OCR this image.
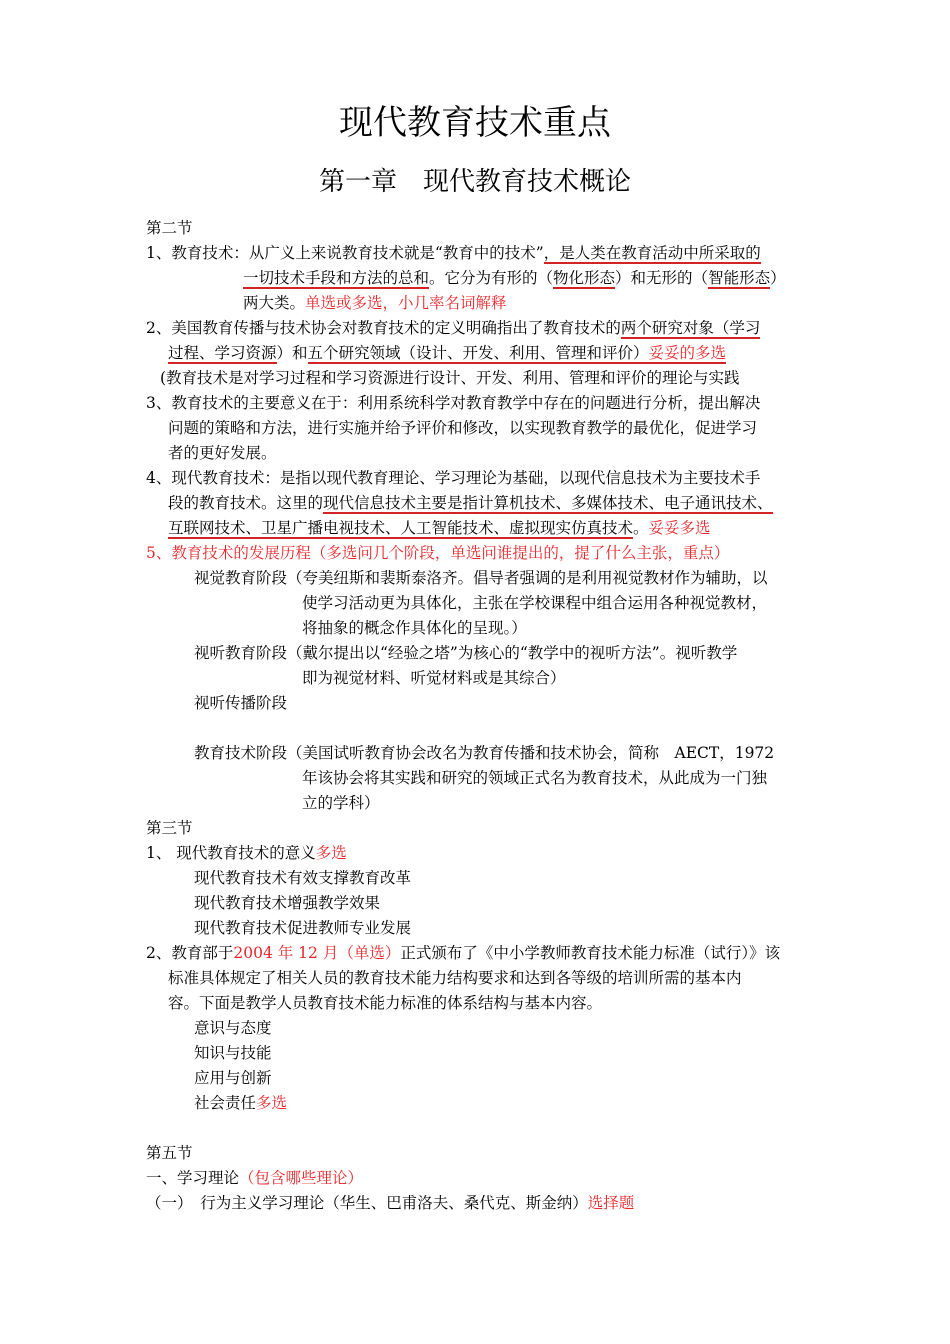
现代教育技术重点
第一章　现代教育技术概论
第二节
1、教育技术：从广义上来说教育技术就是“教育中的技术”，是人类在教育活动中所采取的
一切技术手段和方法的总和。它分为有形的（物化形态）和无形的（智能形态）
两大类。单选或多选，小几率名词解释
2、美国教育传播与技术协会对教育技术的定义明确指出了教育技术的两个研究对象（学习
过程、学习资源）和五个研究领域（设计、开发、利用、管理和评价）妥妥的多选
(教育技术是对学习过程和学习资源进行设计、开发、利用、管理和评价的理论与实践
3、教育技术的主要意义在于：利用系统科学对教育教学中存在的问题进行分析，提出解决
问题的策略和方法，进行实施并给予评价和修改，以实现教育教学的最优化，促进学习
者的更好发展。
4、现代教育技术：是指以现代教育理论、学习理论为基础，以现代信息技术为主要技术手
段的教育技术。这里的现代信息技术主要是指计算机技术、多媒体技术、电子通讯技术、
互联网技术、卫星广播电视技术、人工智能技术、虚拟现实仿真技术。妥妥多选
5、教育技术的发展历程（多选问几个阶段，单选问谁提出的，提了什么主张，重点）
视觉教育阶段（夸美纽斯和裴斯泰洛齐。倡导者强调的是利用视觉教材作为辅助，以
使学习活动更为具体化，主张在学校课程中组合运用各种视觉教材，
将抽象的概念作具体化的呈现。）
视听教育阶段（戴尔提出以“经验之塔”为核心的“教学中的视听方法”。视听教学
即为视觉材料、听觉材料或是其综合）
视听传播阶段
教育技术阶段（美国试听教育协会改名为教育传播和技术协会，简称　AECT，1972
年该协会将其实践和研究的领域正式名为教育技术，从此成为一门独
立的学科）
第三节
1、 现代教育技术的意义多选
现代教育技术有效支撑教育改革
现代教育技术增强教学效果
现代教育技术促进教师专业发展
2、教育部于2004 年 12 月（单选）正式颁布了《中小学教师教育技术能力标准（试行）》该
标准具体规定了相关人员的教育技术能力结构要求和达到各等级的培训所需的基本内
容。下面是教学人员教育技术能力标准的体系结构与基本内容。
意识与态度
知识与技能
应用与创新
社会责任多选
第五节
一、学习理论（包含哪些理论）
（一）　行为主义学习理论（华生、巴甫洛夫、桑代克、斯金纳）选择题
